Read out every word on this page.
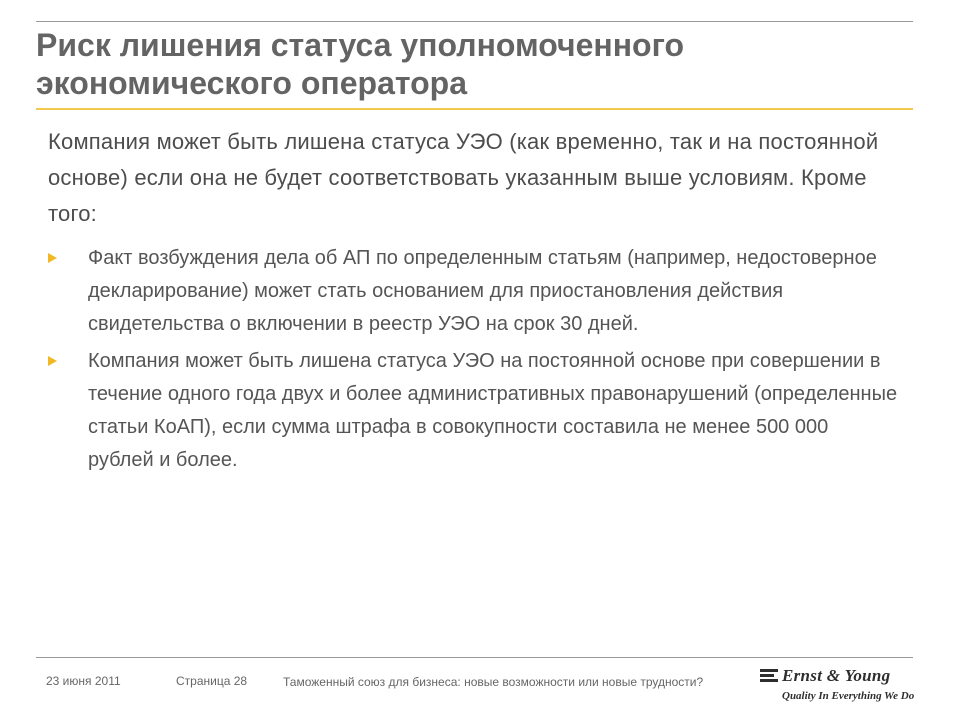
Риск лишения статуса уполномоченного экономического оператора

Компания может быть лишена статуса УЭО (как временно, так и на постоянной основе) если она не будет соответствовать указанным выше условиям. Кроме того:

Факт возбуждения дела об АП по определенным статьям (например, недостоверное декларирование) может стать основанием для приостановления действия свидетельства о включении в реестр УЭО на срок 30 дней.
Компания может быть лишена статуса УЭО на постоянной основе при совершении в течение одного года двух и более административных правонарушений (определенные статьи КоАП), если сумма штрафа в совокупности составила не менее 500 000 рублей и более.
23 июня 2011	Страница 28	Таможенный союз для бизнеса: новые возможности или новые трудности?	Ernst & Young
Quality In Everything We Do
